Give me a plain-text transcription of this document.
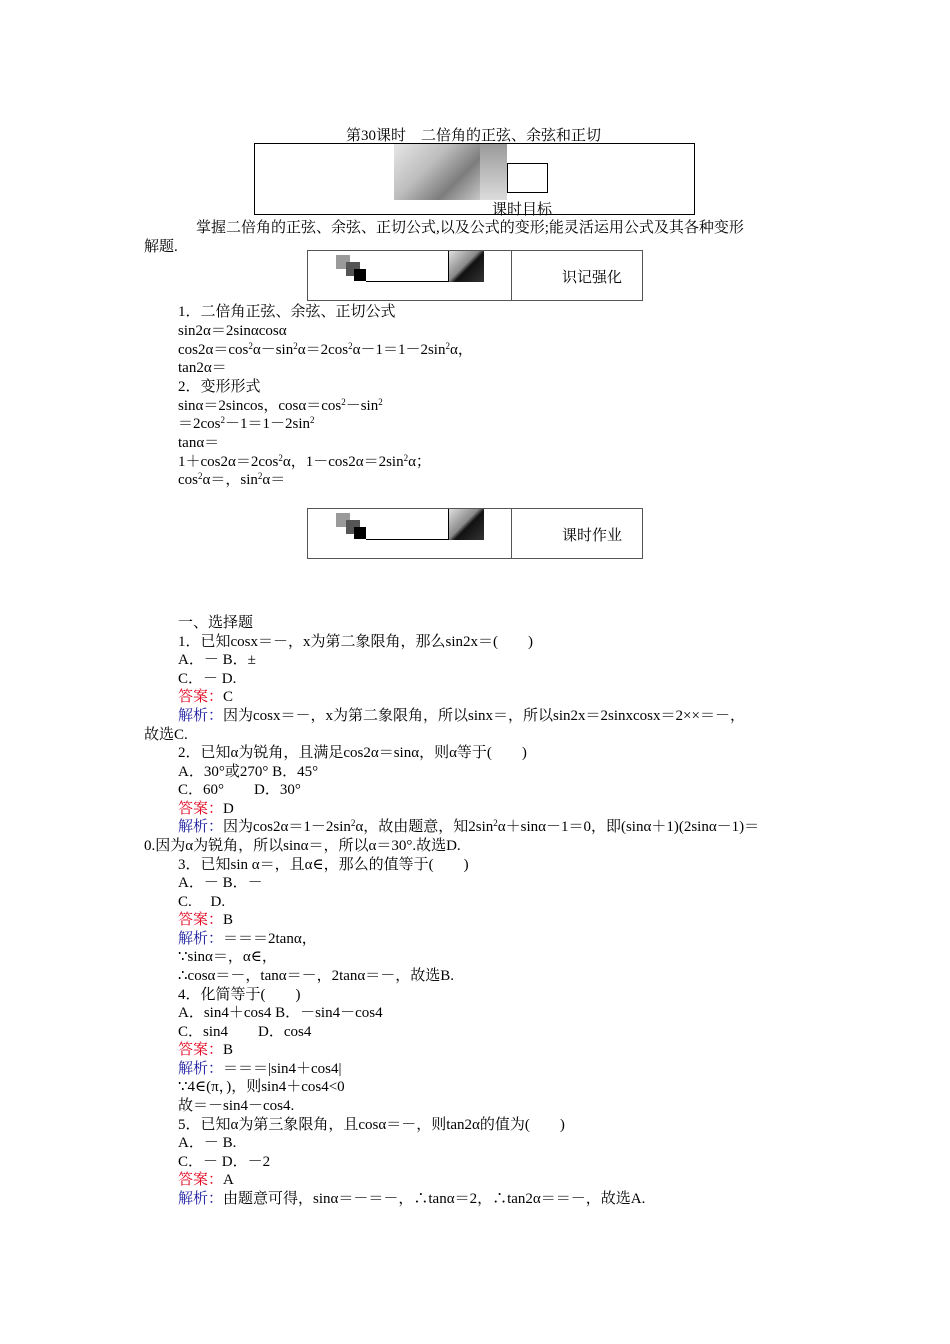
第30课时　二倍角的正弦、余弦和正切
课时目标
掌握二倍角的正弦、余弦、正切公式,以及公式的变形;能灵活运用公式及其各种变形
解题.
识记强化
1．二倍角正弦、余弦、正切公式
sin2α＝2sinαcosα
$\cos 2\alpha=\cos^2\alpha-\sin^2\alpha=2\cos^2\alpha-1=1-2\sin^2\alpha$，
tan2α＝
2．变形形式
sinα＝2sincos，$\cos\alpha=\cos^2-\sin^2$
$=2\cos^2-1=1-2\sin^2$
tanα＝
$1+\cos 2\alpha=2\cos^2\alpha$，$1-\cos 2\alpha=2\sin^2\alpha$；
$\cos^2\alpha=$，$\sin^2\alpha=$
课时作业
一、选择题
1．已知cosx＝－，x为第二象限角，那么sin2x＝(　　)
A．－ B．±
C．－ D.
答案：C
解析：因为cosx＝－，x为第二象限角，所以sinx＝，所以sin2x＝2sinxcosx＝2××＝－，
故选C.
2．已知α为锐角，且满足cos2α＝sinα，则α等于(　　)
A．30°或270° B．45°
C．60°　　D．30°
答案：D
解析：因为$\cos 2\alpha=1-2\sin^2\alpha$，故由题意，知$2\sin^2\alpha+\sin\alpha-1=0$，即(sinα＋1)(2sinα－1)＝
0.因为α为锐角，所以sinα＝，所以α＝30°.故选D.
3．已知sin α＝，且α∈，那么的值等于(　　)
A．－ B．－
C.　 D.
答案：B
解析：＝＝＝2tanα，
∵sinα＝，α∈，
∴cosα＝－，tanα＝－，2tanα＝－，故选B.
4．化简等于(　　)
A．sin4＋cos4 B．－sin4－cos4
C．sin4　　D．cos4
答案：B
解析：＝＝＝|sin4＋cos4|
∵4∈(π，)，则sin4＋cos4<0
故＝－sin4－cos4.
5．已知α为第三象限角，且cosα＝－，则tan2α的值为(　　)
A．－ B.
C．－ D．－2
答案：A
解析：由题意可得，sinα＝－＝－，∴tanα＝2，∴tan2α＝＝－，故选A.
